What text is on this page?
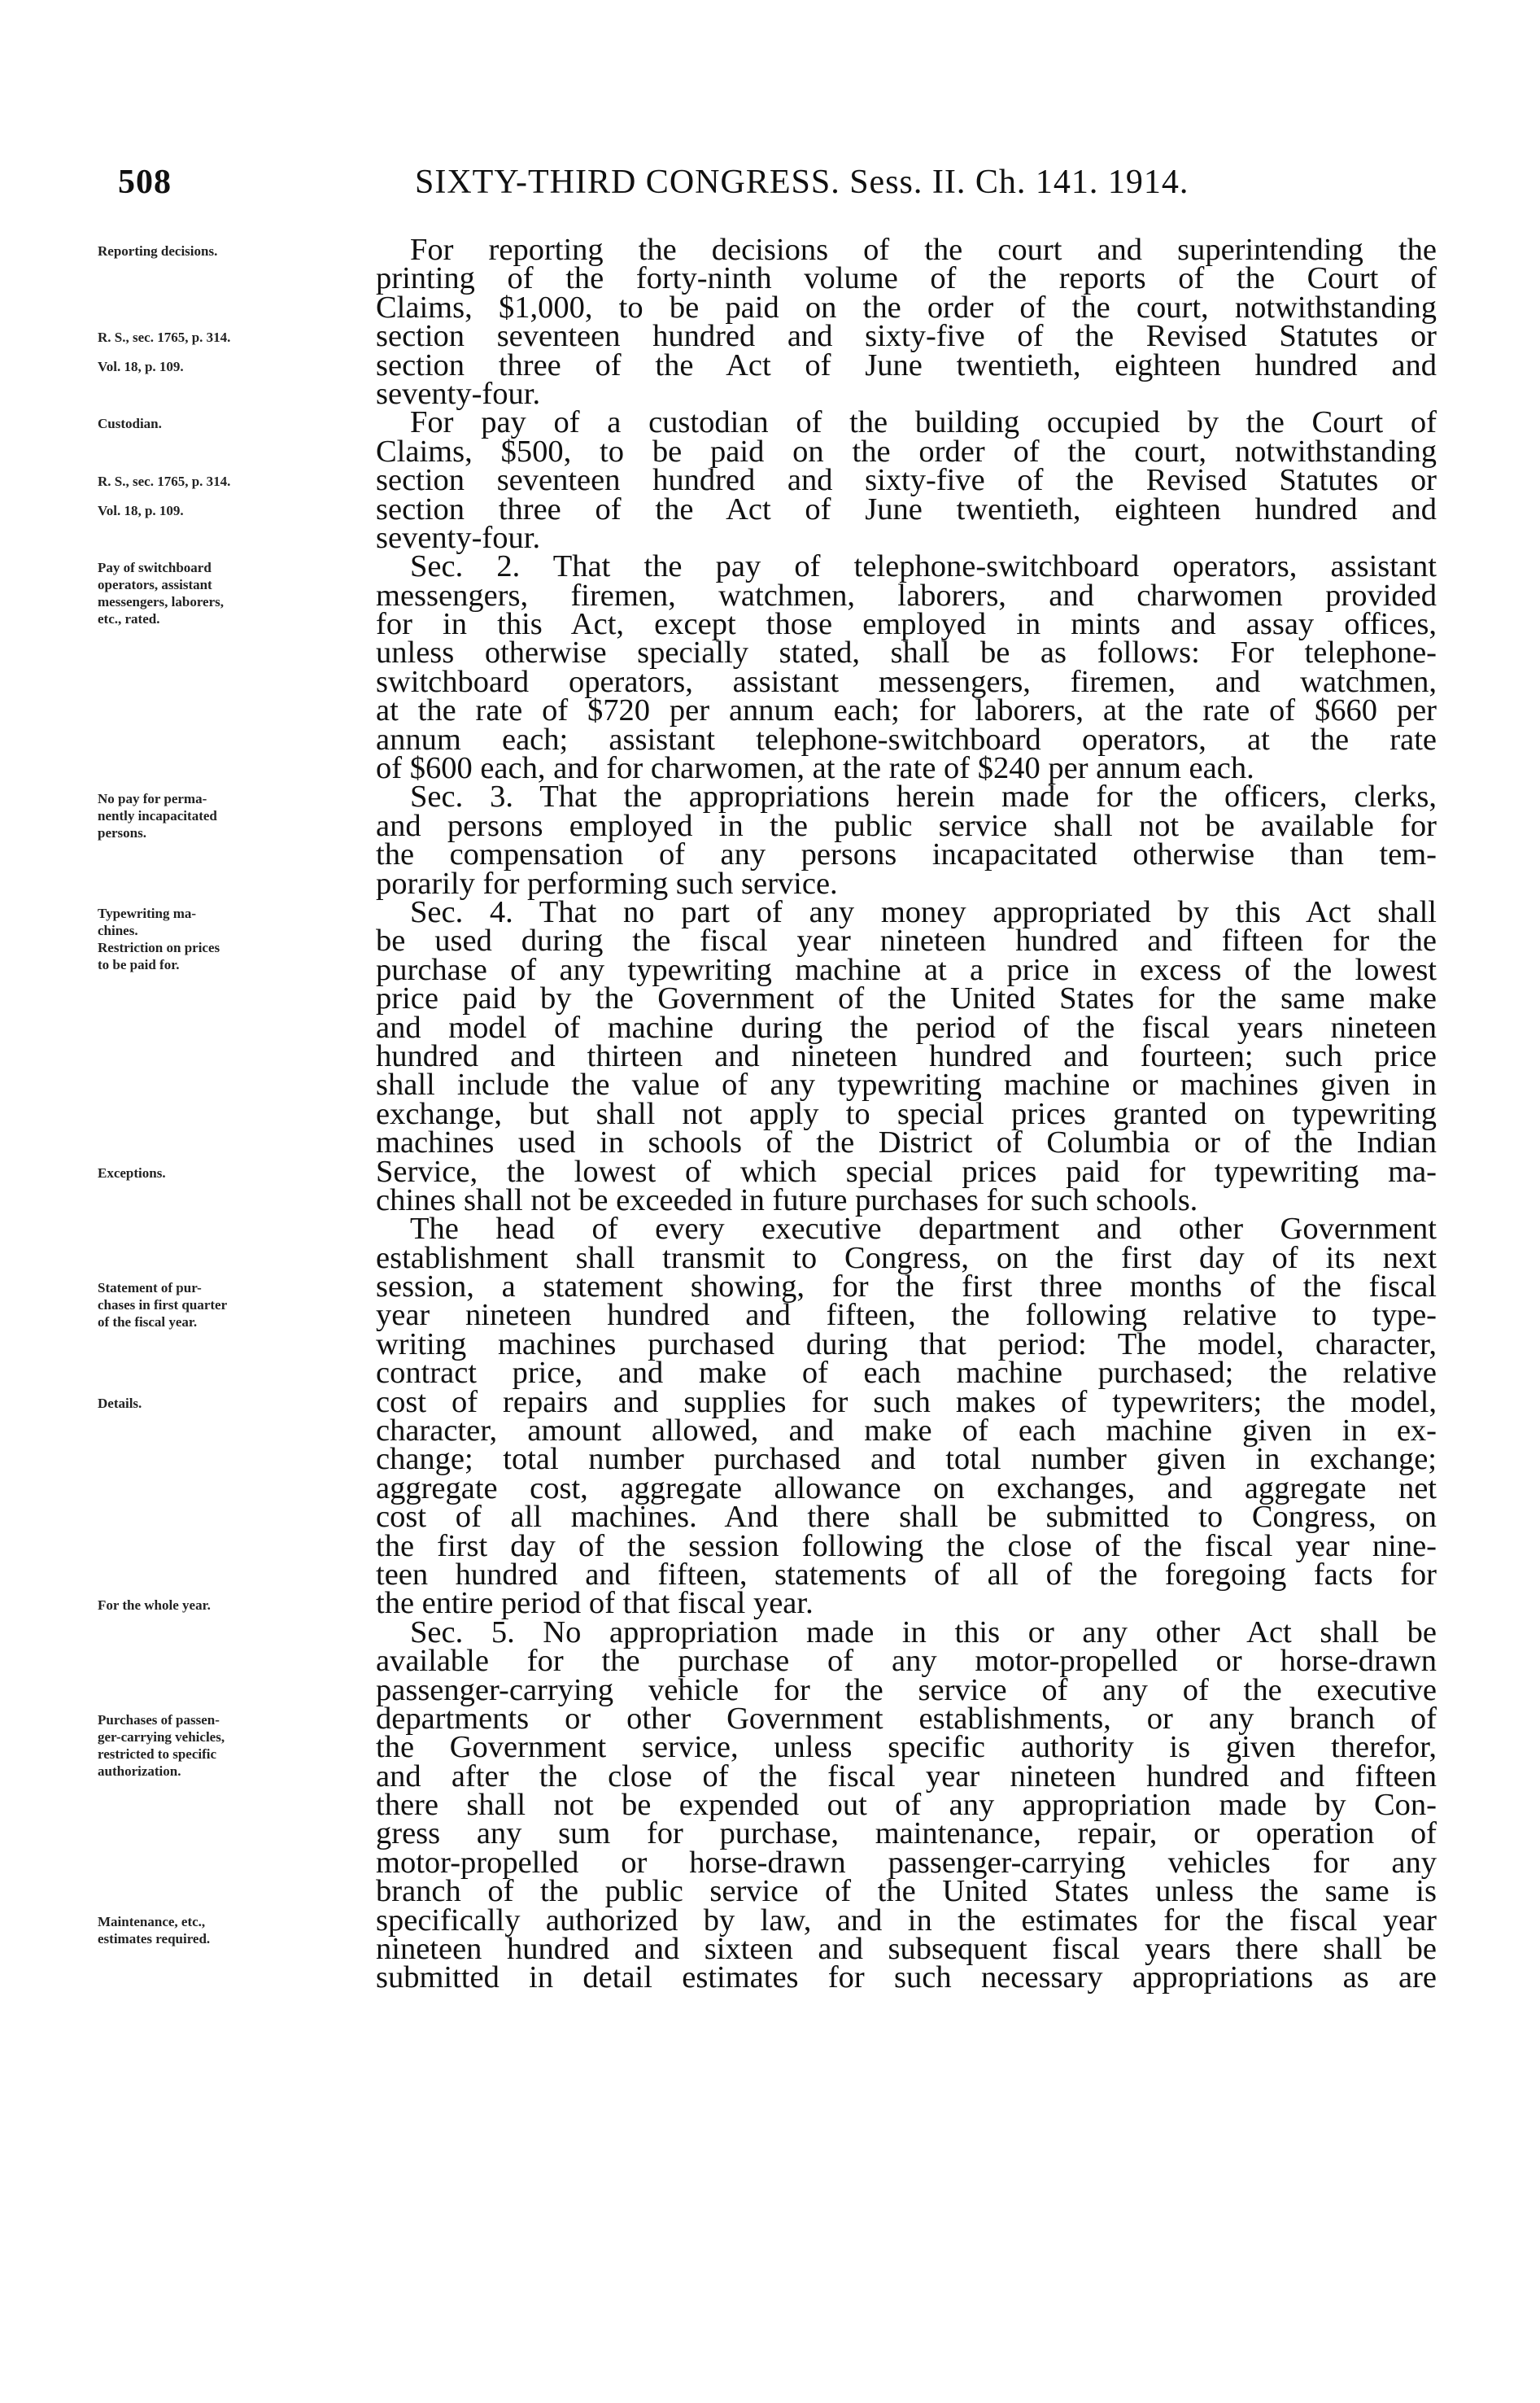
508	SIXTY-THIRD CONGRESS. Sess. II. Ch. 141. 1914.
Reporting decisions.
R. S., sec. 1765, p. 314.
Vol. 18, p. 109.
Custodian.
R. S., sec. 1765, p. 314.
Vol. 18, p. 109.
Pay of switchboard
operators, assistant
messengers, laborers,
etc., rated.
No pay for perma-
nently incapacitated
persons.
Typewriting ma-
chines.
Restriction on prices
to be paid for.
Exceptions.
Statement of pur-
chases in first quarter
of the fiscal year.
Details.
For the whole year.
Purchases of passen-
ger-carrying vehicles,
restricted to specific
authorization.
Maintenance, etc.,
estimates required.
For reporting the decisions of the court and superintending the
printing of the forty-ninth volume of the reports of the Court of
Claims, $1,000, to be paid on the order of the court, notwithstanding
section seventeen hundred and sixty-five of the Revised Statutes or
section three of the Act of June twentieth, eighteen hundred and
seventy-four.
For pay of a custodian of the building occupied by the Court of
Claims, $500, to be paid on the order of the court, notwithstanding
section seventeen hundred and sixty-five of the Revised Statutes or
section three of the Act of June twentieth, eighteen hundred and
seventy-four.
Sec. 2. That the pay of telephone-switchboard operators, assistant
messengers, firemen, watchmen, laborers, and charwomen provided
for in this Act, except those employed in mints and assay offices,
unless otherwise specially stated, shall be as follows: For telephone-
switchboard operators, assistant messengers, firemen, and watchmen,
at the rate of $720 per annum each; for laborers, at the rate of $660 per
annum each; assistant telephone-switchboard operators, at the rate
of $600 each, and for charwomen, at the rate of $240 per annum each.
Sec. 3. That the appropriations herein made for the officers, clerks,
and persons employed in the public service shall not be available for
the compensation of any persons incapacitated otherwise than tem-
porarily for performing such service.
Sec. 4. That no part of any money appropriated by this Act shall
be used during the fiscal year nineteen hundred and fifteen for the
purchase of any typewriting machine at a price in excess of the lowest
price paid by the Government of the United States for the same make
and model of machine during the period of the fiscal years nineteen
hundred and thirteen and nineteen hundred and fourteen; such price
shall include the value of any typewriting machine or machines given in
exchange, but shall not apply to special prices granted on typewriting
machines used in schools of the District of Columbia or of the Indian
Service, the lowest of which special prices paid for typewriting ma-
chines shall not be exceeded in future purchases for such schools.
The head of every executive department and other Government
establishment shall transmit to Congress, on the first day of its next
session, a statement showing, for the first three months of the fiscal
year nineteen hundred and fifteen, the following relative to type-
writing machines purchased during that period: The model, character,
contract price, and make of each machine purchased; the relative
cost of repairs and supplies for such makes of typewriters; the model,
character, amount allowed, and make of each machine given in ex-
change; total number purchased and total number given in exchange;
aggregate cost, aggregate allowance on exchanges, and aggregate net
cost of all machines. And there shall be submitted to Congress, on
the first day of the session following the close of the fiscal year nine-
teen hundred and fifteen, statements of all of the foregoing facts for
the entire period of that fiscal year.
Sec. 5. No appropriation made in this or any other Act shall be
available for the purchase of any motor-propelled or horse-drawn
passenger-carrying vehicle for the service of any of the executive
departments or other Government establishments, or any branch of
the Government service, unless specific authority is given therefor,
and after the close of the fiscal year nineteen hundred and fifteen
there shall not be expended out of any appropriation made by Con-
gress any sum for purchase, maintenance, repair, or operation of
motor-propelled or horse-drawn passenger-carrying vehicles for any
branch of the public service of the United States unless the same is
specifically authorized by law, and in the estimates for the fiscal year
nineteen hundred and sixteen and subsequent fiscal years there shall be
submitted in detail estimates for such necessary appropriations as are
